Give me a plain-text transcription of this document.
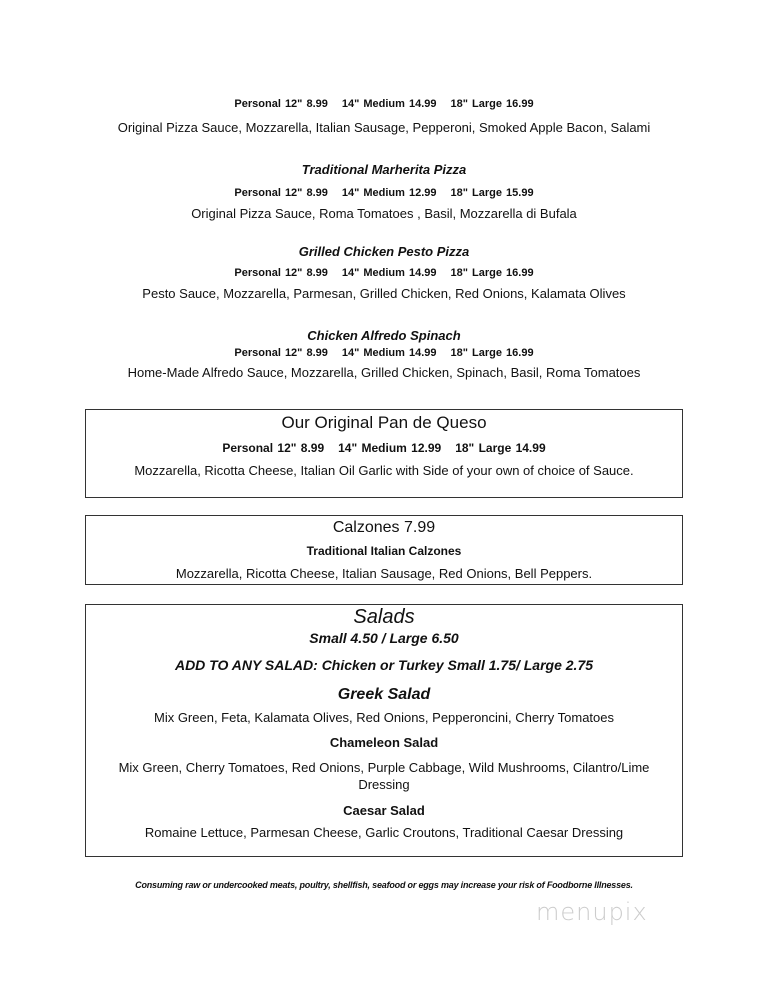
Personal 12" 8.99 14" Medium 14.99 18" Large 16.99
Original Pizza Sauce, Mozzarella, Italian Sausage, Pepperoni, Smoked Apple Bacon, Salami
Traditional Marherita Pizza
Personal 12" 8.99 14" Medium 12.99 18" Large 15.99
Original Pizza Sauce, Roma Tomatoes , Basil, Mozzarella di Bufala
Grilled Chicken Pesto Pizza
Personal 12" 8.99 14" Medium 14.99 18" Large 16.99
Pesto Sauce, Mozzarella, Parmesan, Grilled Chicken, Red Onions, Kalamata Olives
Chicken Alfredo Spinach
Personal 12" 8.99 14" Medium 14.99 18" Large 16.99
Home-Made Alfredo Sauce, Mozzarella, Grilled Chicken, Spinach, Basil, Roma Tomatoes
Our Original Pan de Queso
Personal 12" 8.99 14" Medium 12.99 18" Large 14.99
Mozzarella, Ricotta Cheese, Italian Oil Garlic with Side of your own of choice of Sauce.
Calzones 7.99
Traditional Italian Calzones
Mozzarella, Ricotta Cheese, Italian Sausage, Red Onions, Bell Peppers.
Salads
Small 4.50 / Large 6.50
ADD TO ANY SALAD: Chicken or Turkey Small 1.75/ Large 2.75
Greek Salad
Mix Green, Feta, Kalamata Olives, Red Onions, Pepperoncini, Cherry Tomatoes
Chameleon Salad
Mix Green, Cherry Tomatoes, Red Onions, Purple Cabbage, Wild Mushrooms, Cilantro/Lime
Dressing
Caesar Salad
Romaine Lettuce, Parmesan Cheese, Garlic Croutons, Traditional Caesar Dressing
Consuming raw or undercooked meats, poultry, shellfish, seafood or eggs may increase your risk of Foodborne Illnesses.
menupix
